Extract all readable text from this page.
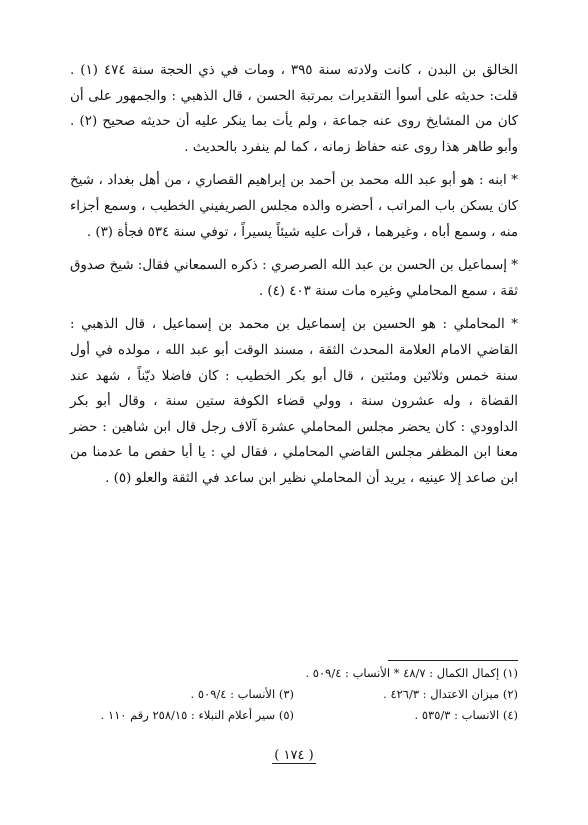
الخالق بن البدن ، كانت ولادته سنة ٣٩٥ ، ومات في ذي الحجة سنة ٤٧٤ (١) . قلت: حديثه على أسوأ التقديرات بمرتبة الحسن ، قال الذهبي : والجمهور على أن كان من المشايخ روى عنه جماعة ، ولم يأت بما ينكر عليه أن حديثه صحيح (٢) . وأبو طاهر هذا روى عنه حفاظ زمانه ، كما لم ينفرد بالحديث .

* ابنه : هو أبو عبد الله محمد بن أحمد بن إبراهيم القصاري ، من أهل بغداد ، شيخ كان يسكن باب المراتب ، أحضره والده مجلس الصريفيني الخطيب ، وسمع أجزاء منه ، وسمع أباه ، وغيرهما ، قرأت عليه شيئاً يسيراً ، توفي سنة ٥٣٤ فجأة (٣) .

* إسماعيل بن الحسن بن عبد الله الصرصري : ذكره السمعاني فقال: شيخ صدوق ثقة ، سمع المحاملي وغيره مات سنة ٤٠٣ (٤) .

* المحاملي : هو الحسين بن إسماعيل بن محمد بن إسماعيل ، قال الذهبي : القاضي الامام العلامة المحدث الثقة ، مسند الوقت أبو عبد الله ، مولده في أول سنة خمس وثلاثين ومئتين ، قال أبو بكر الخطيب : كان فاضلا ديّناً ، شهد عند القضاة ، وله عشرون سنة ، وولي قضاء الكوفة ستين سنة ، وقال أبو بكر الداوودي : كان يحضر مجلس المحاملي عشرة آلاف رجل قال ابن شاهين : حضر معنا ابن المظفر مجلس القاضي المحاملي ، فقال لي : يا أبا حفص ما عدمنا من ابن صاعد إلا عينيه ، يريد أن المحاملي نظير ابن ساعد في الثقة والعلو (٥) .

(١) إكمال الكمال : ٤٨/٧ * الأنساب : ٥٠٩/٤ .
(٢) ميزان الاعتدال : ٤٢٦/٣ .
(٣) الأنساب : ٥٠٩/٤ .
(٤) الانساب : ٥٣٥/٣ .
(٥) سير أعلام النبلاء : ٢٥٨/١٥ رقم ١١٠ .
( ١٧٤ )
